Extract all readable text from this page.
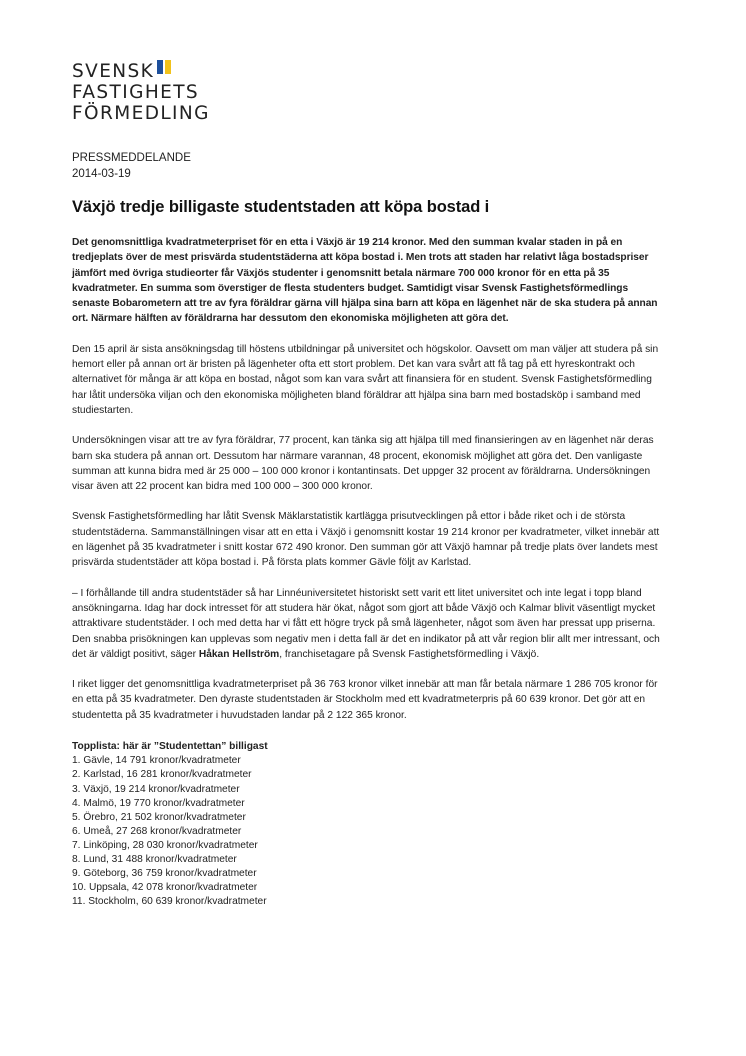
SVENSK
FASTIGHETS
FÖRMEDLING
PRESSMEDDELANDE
2014-03-19
Växjö tredje billigaste studentstaden att köpa bostad i

Det genomsnittliga kvadratmeterpriset för en etta i Växjö är 19 214 kronor. Med den summan kvalar staden in på en tredjeplats över de mest prisvärda studentstäderna att köpa bostad i. Men trots att staden har relativt låga bostadspriser jämfört med övriga studieorter får Växjös studenter i genomsnitt betala närmare 700 000 kronor för en etta på 35 kvadratmeter. En summa som överstiger de flesta studenters budget. Samtidigt visar Svensk Fastighetsförmedlings senaste Bobarometern att tre av fyra föräldrar gärna vill hjälpa sina barn att köpa en lägenhet när de ska studera på annan ort. Närmare hälften av föräldrarna har dessutom den ekonomiska möjligheten att göra det.

Den 15 april är sista ansökningsdag till höstens utbildningar på universitet och högskolor. Oavsett om man väljer att studera på sin hemort eller på annan ort är bristen på lägenheter ofta ett stort problem. Det kan vara svårt att få tag på ett hyreskontrakt och alternativet för många är att köpa en bostad, något som kan vara svårt att finansiera för en student. Svensk Fastighetsförmedling har låtit undersöka viljan och den ekonomiska möjligheten bland föräldrar att hjälpa sina barn med bostadsköp i samband med studiestarten.

Undersökningen visar att tre av fyra föräldrar, 77 procent, kan tänka sig att hjälpa till med finansieringen av en lägenhet när deras barn ska studera på annan ort. Dessutom har närmare varannan, 48 procent, ekonomisk möjlighet att göra det. Den vanligaste summan att kunna bidra med är 25 000 – 100 000 kronor i kontantinsats. Det uppger 32 procent av föräldrarna. Undersökningen visar även att 22 procent kan bidra med 100 000 – 300 000 kronor.

Svensk Fastighetsförmedling har låtit Svensk Mäklarstatistik kartlägga prisutvecklingen på ettor i både riket och i de största studentstäderna. Sammanställningen visar att en etta i Växjö i genomsnitt kostar 19 214 kronor per kvadratmeter, vilket innebär att en lägenhet på 35 kvadratmeter i snitt kostar 672 490 kronor. Den summan gör att Växjö hamnar på tredje plats över landets mest prisvärda studentstäder att köpa bostad i. På första plats kommer Gävle följt av Karlstad.

– I förhållande till andra studentstäder så har Linnéuniversitetet historiskt sett varit ett litet universitet och inte legat i topp bland ansökningarna. Idag har dock intresset för att studera här ökat, något som gjort att både Växjö och Kalmar blivit väsentligt mycket attraktivare studentstäder. I och med detta har vi fått ett högre tryck på små lägenheter, något som även har pressat upp priserna. Den snabba prisökningen kan upplevas som negativ men i detta fall är det en indikator på att vår region blir allt mer intressant, och det är väldigt positivt, säger Håkan Hellström, franchisetagare på Svensk Fastighetsförmedling i Växjö.

I riket ligger det genomsnittliga kvadratmeterpriset på 36 763 kronor vilket innebär att man får betala närmare 1 286 705 kronor för en etta på 35 kvadratmeter. Den dyraste studentstaden är Stockholm med ett kvadratmeterpris på 60 639 kronor. Det gör att en studentetta på 35 kvadratmeter i huvudstaden landar på 2 122 365 kronor.

Topplista: här är ”Studentettan” billigast

1. Gävle, 14 791 kronor/kvadratmeter
2. Karlstad, 16 281 kronor/kvadratmeter
3. Växjö, 19 214 kronor/kvadratmeter
4. Malmö, 19 770 kronor/kvadratmeter
5. Örebro, 21 502 kronor/kvadratmeter
6. Umeå, 27 268 kronor/kvadratmeter
7. Linköping, 28 030 kronor/kvadratmeter
8. Lund, 31 488 kronor/kvadratmeter
9. Göteborg, 36 759 kronor/kvadratmeter
10. Uppsala, 42 078 kronor/kvadratmeter
11. Stockholm, 60 639 kronor/kvadratmeter
